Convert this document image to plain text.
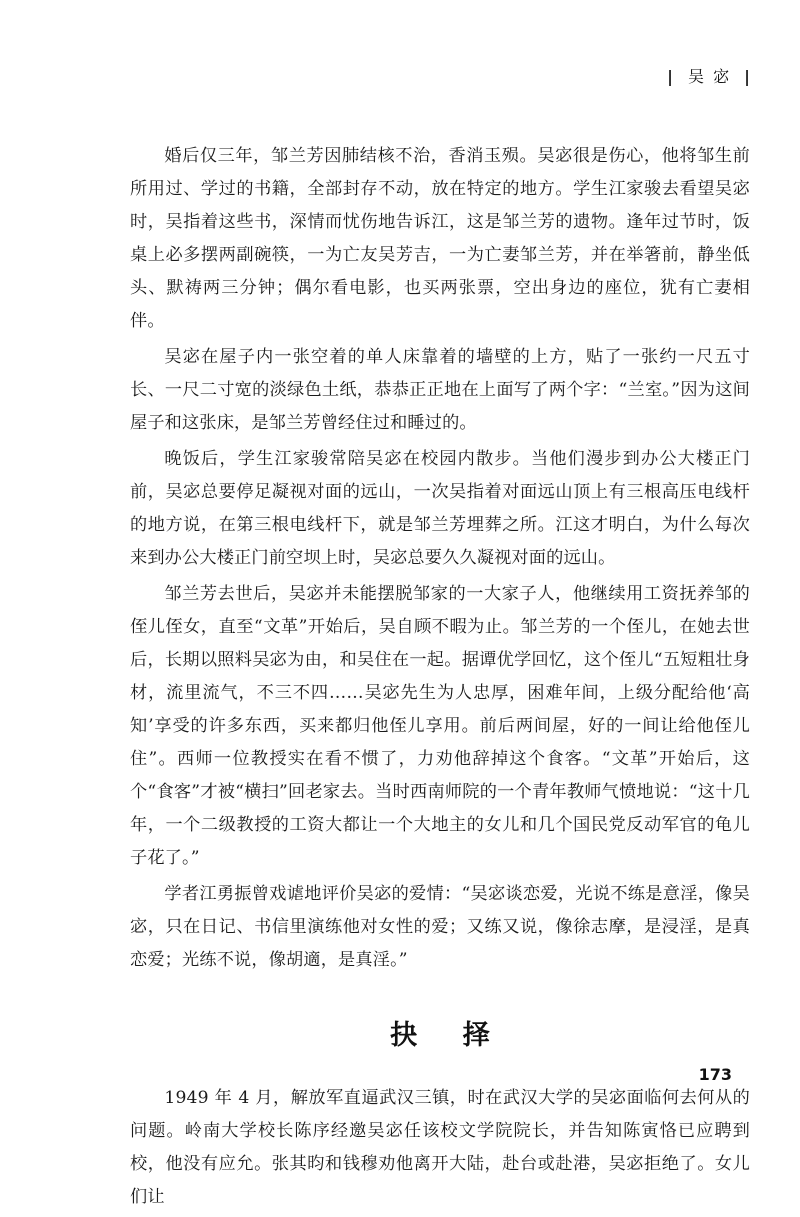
| 吴 宓 |

婚后仅三年，邹兰芳因肺结核不治，香消玉殒。吴宓很是伤心，他将邹生前所用过、学过的书籍，全部封存不动，放在特定的地方。学生江家骏去看望吴宓时，吴指着这些书，深情而忧伤地告诉江，这是邹兰芳的遗物。逢年过节时，饭桌上必多摆两副碗筷，一为亡友吴芳吉，一为亡妻邹兰芳，并在举箸前，静坐低头、默祷两三分钟；偶尔看电影，也买两张票，空出身边的座位，犹有亡妻相伴。

吴宓在屋子内一张空着的单人床靠着的墙壁的上方，贴了一张约一尺五寸长、一尺二寸宽的淡绿色土纸，恭恭正正地在上面写了两个字：“兰室。”因为这间屋子和这张床，是邹兰芳曾经住过和睡过的。

晚饭后，学生江家骏常陪吴宓在校园内散步。当他们漫步到办公大楼正门前，吴宓总要停足凝视对面的远山，一次吴指着对面远山顶上有三根高压电线杆的地方说，在第三根电线杆下，就是邹兰芳埋葬之所。江这才明白，为什么每次来到办公大楼正门前空坝上时，吴宓总要久久凝视对面的远山。

邹兰芳去世后，吴宓并未能摆脱邹家的一大家子人，他继续用工资抚养邹的侄儿侄女，直至“文革”开始后，吴自顾不暇为止。邹兰芳的一个侄儿，在她去世后，长期以照料吴宓为由，和吴住在一起。据谭优学回忆，这个侄儿“五短粗壮身材，流里流气，不三不四……吴宓先生为人忠厚，困难年间，上级分配给他‘高知’享受的许多东西，买来都归他侄儿享用。前后两间屋，好的一间让给他侄儿住”。西师一位教授实在看不惯了，力劝他辞掉这个食客。“文革”开始后，这个“食客”才被“横扫”回老家去。当时西南师院的一个青年教师气愤地说：“这十几年，一个二级教授的工资大都让一个大地主的女儿和几个国民党反动军官的龟儿子花了。”

学者江勇振曾戏谑地评价吴宓的爱情：“吴宓谈恋爱，光说不练是意淫，像吴宓，只在日记、书信里演练他对女性的爱；又练又说，像徐志摩，是浸淫，是真恋爱；光练不说，像胡適，是真淫。”

抉 择

1949 年 4 月，解放军直逼武汉三镇，时在武汉大学的吴宓面临何去何从的问题。岭南大学校长陈序经邀吴宓任该校文学院院长，并告知陈寅恪已应聘到校，他没有应允。张其昀和钱穆劝他离开大陆，赴台或赴港，吴宓拒绝了。女儿们让

173
